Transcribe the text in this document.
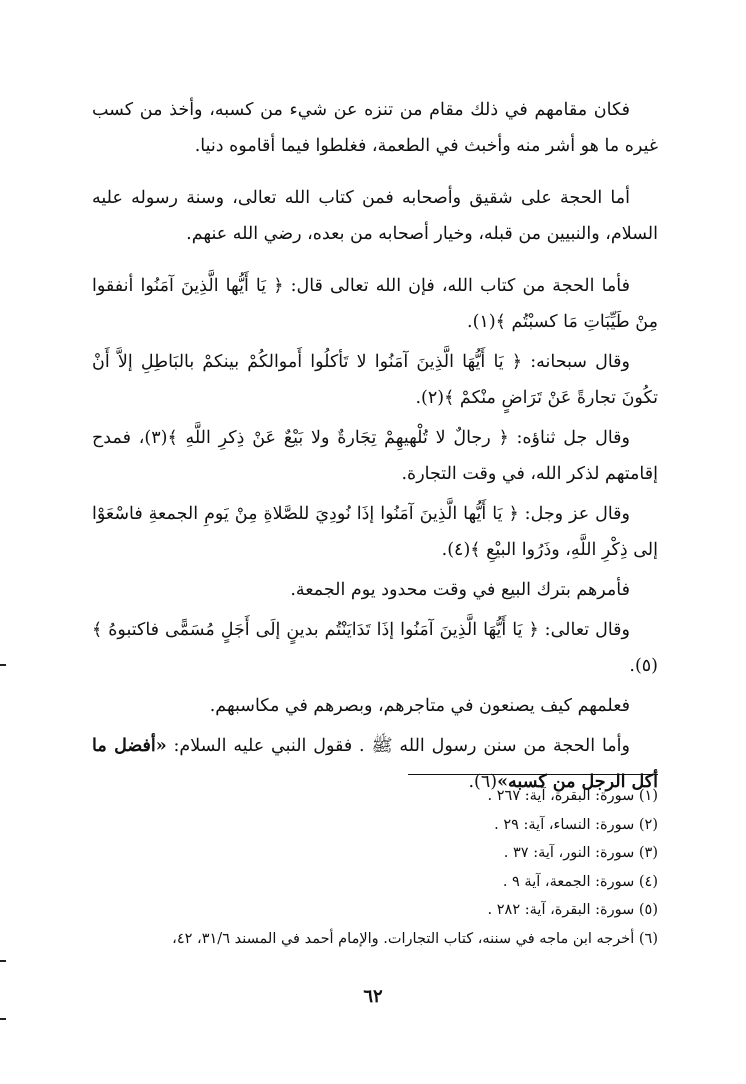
فكان مقامهم في ذلك مقام من تنزه عن شيء من كسبه، وأخذ من كسب غيره ما هو أشر منه وأخبث في الطعمة، فغلطوا فيما أقاموه دنيا.

أما الحجة على شقيق وأصحابه فمن كتاب الله تعالى، وسنة رسوله عليه السلام، والنبيين من قبله، وخيار أصحابه من بعده، رضي الله عنهم.

فأما الحجة من كتاب الله، فإن الله تعالى قال: ﴿ يَا أَيُّها الَّذِينَ آمَنُوا أنفقوا مِنْ طَيِّبَاتِ مَا كسبْتُم ﴾(١).

وقال سبحانه: ﴿ يَا أَيُّهَا الَّذِينَ آمَنُوا لا تَأكلُوا أَموالكُمْ بينكمْ بالبَاطِلِ إلاَّ أَنْ تكُونَ تجارةً عَنْ تَرَاضٍ منْكمْ ﴾(٢).

وقال جل ثناؤه: ﴿ رجالٌ لا تُلْهيهِمْ تِجَارةٌ ولا بَيْعٌ عَنْ ذِكرِ اللَّهِ ﴾(٣)، فمدح إقامتهم لذكر الله، في وقت التجارة.

وقال عز وجل: ﴿ يَا أَيُّها الَّذِينَ آمَنُوا إذَا نُودِيَ للصَّلاةِ مِنْ يَومِ الجمعةِ فاسْعَوْا إلى ذِكْرِ اللَّهِ، وذَرُوا البيْعِ ﴾(٤).

فأمرهم بترك البيع في وقت محدود يوم الجمعة.

وقال تعالى: ﴿ يَا أَيُّهَا الَّذِينَ آمَنُوا إذَا تَدَايَنْتُم بدينٍ إلَى أَجَلٍ مُسَمًّى فاكتبوهُ ﴾(٥).

فعلمهم كيف يصنعون في متاجرهم، وبصرهم في مكاسبهم.

وأما الحجة من سنن رسول الله ﷺ . فقول النبي عليه السلام: «أفضل ما أكل الرجل من كسبه»(٦).

(١) سورة: البقرة، آية: ٢٦٧ .

(٢) سورة: النساء، آية: ٢٩ .

(٣) سورة: النور، آية: ٣٧ .

(٤) سورة: الجمعة، آية ٩ .

(٥) سورة: البقرة، آية: ٢٨٢ .

(٦) أخرجه ابن ماجه في سننه، كتاب التجارات. والإمام أحمد في المسند ٣١/٦، ٤٢،

٦٢
